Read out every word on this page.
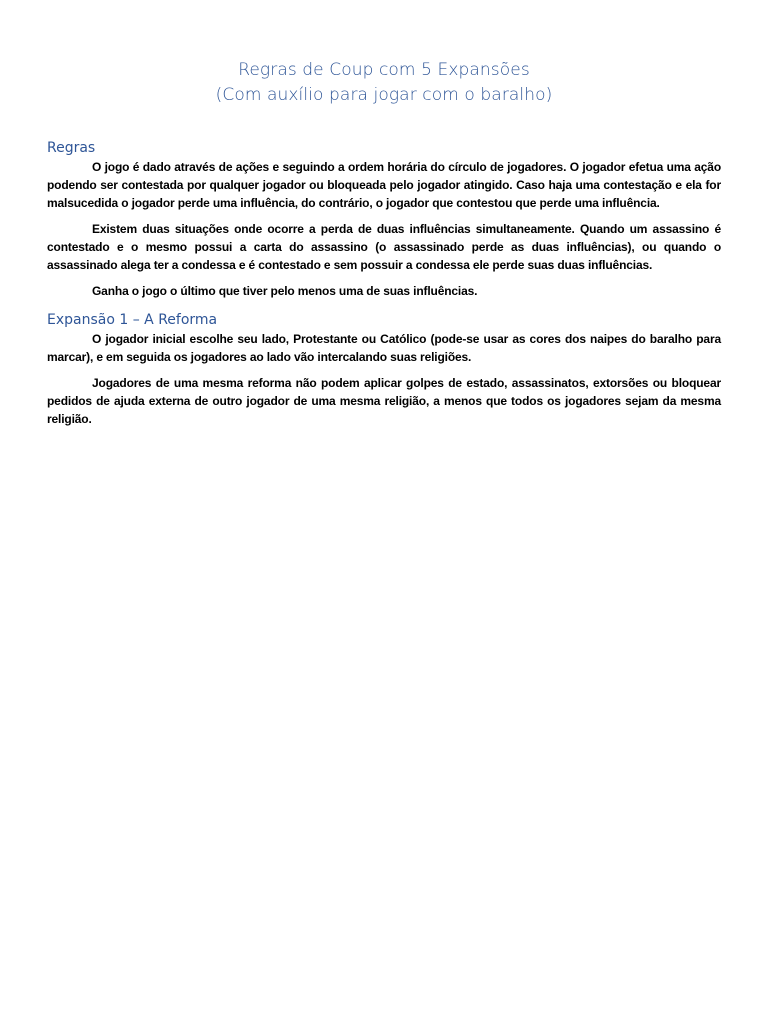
Regras de Coup com 5 Expansões
(Com auxílio para jogar com o baralho)
Regras

O jogo é dado através de ações e seguindo a ordem horária do círculo de jogadores. O jogador efetua uma ação podendo ser contestada por qualquer jogador ou bloqueada pelo jogador atingido. Caso haja uma contestação e ela for malsucedida o jogador perde uma influência, do contrário, o jogador que contestou que perde uma influência.

Existem duas situações onde ocorre a perda de duas influências simultaneamente. Quando um assassino é contestado e o mesmo possui a carta do assassino (o assassinado perde as duas influências), ou quando o assassinado alega ter a condessa e é contestado e sem possuir a condessa ele perde suas duas influências.

Ganha o jogo o último que tiver pelo menos uma de suas influências.

Expansão 1 – A Reforma

O jogador inicial escolhe seu lado, Protestante ou Católico (pode-se usar as cores dos naipes do baralho para marcar), e em seguida os jogadores ao lado vão intercalando suas religiões.

Jogadores de uma mesma reforma não podem aplicar golpes de estado, assassinatos, extorsões ou bloquear pedidos de ajuda externa de outro jogador de uma mesma religião, a menos que todos os jogadores sejam da mesma religião.
